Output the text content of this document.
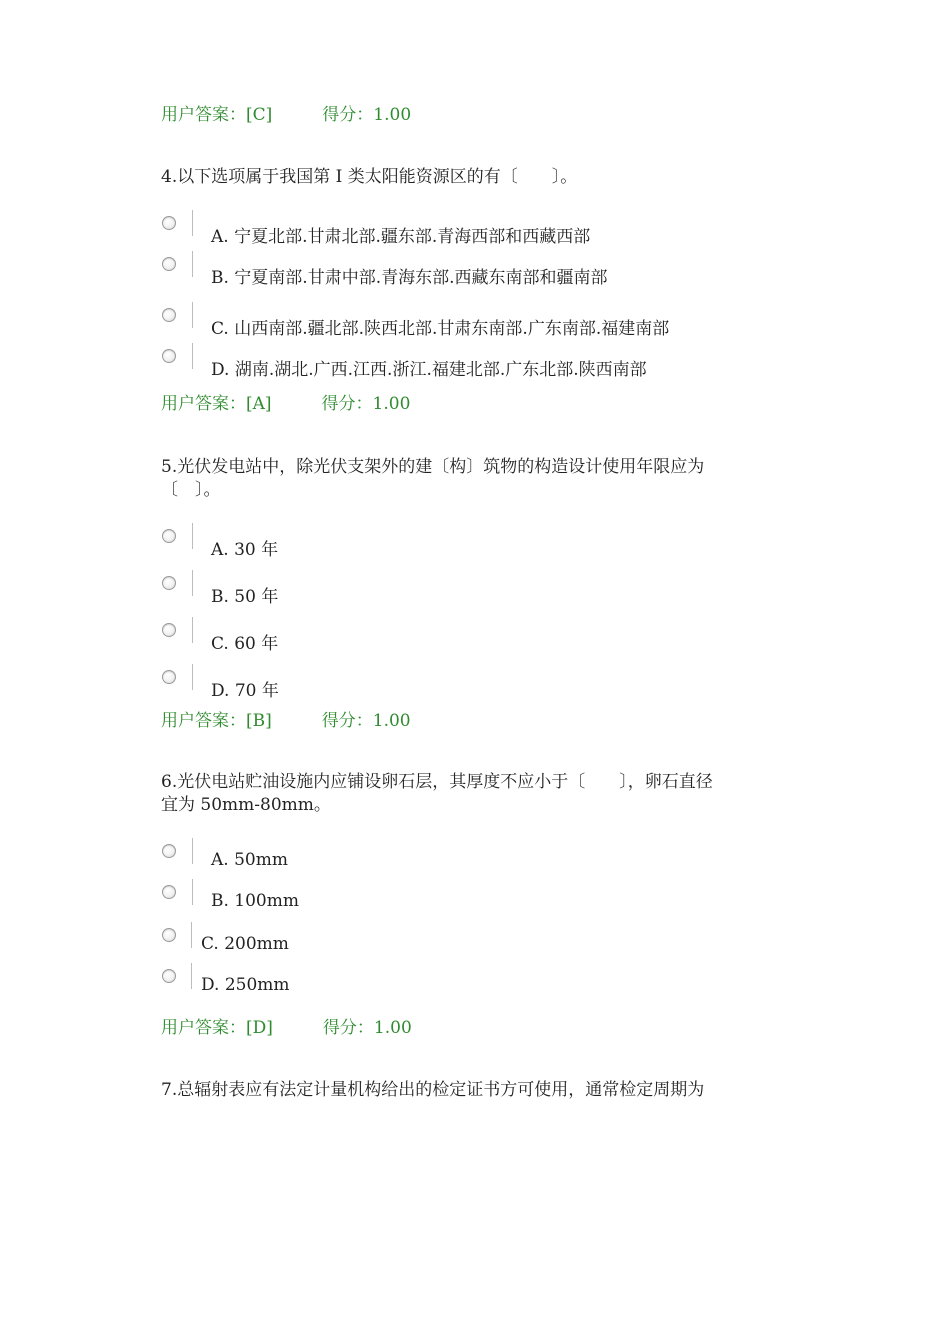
用户答案：[C]	得分：1.00
4.以下选项属于我国第 I 类太阳能资源区的有〔　　〕。
A. 宁夏北部.甘肃北部.疆东部.青海西部和西藏西部
B. 宁夏南部.甘肃中部.青海东部.西藏东南部和疆南部
C. 山西南部.疆北部.陕西北部.甘肃东南部.广东南部.福建南部
D. 湖南.湖北.广西.江西.浙江.福建北部.广东北部.陕西南部
用户答案：[A]	得分：1.00
5.光伏发电站中，除光伏支架外的建〔构〕筑物的构造设计使用年限应为
〔　〕。
A. 30 年
B. 50 年
C. 60 年
D. 70 年
用户答案：[B]	得分：1.00
6.光伏电站贮油设施内应铺设卵石层，其厚度不应小于〔　　〕，卵石直径
宜为 50mm-80mm。
A. 50mm
B. 100mm
C. 200mm
D. 250mm
用户答案：[D]	得分：1.00
7.总辐射表应有法定计量机构给出的检定证书方可使用，通常检定周期为
